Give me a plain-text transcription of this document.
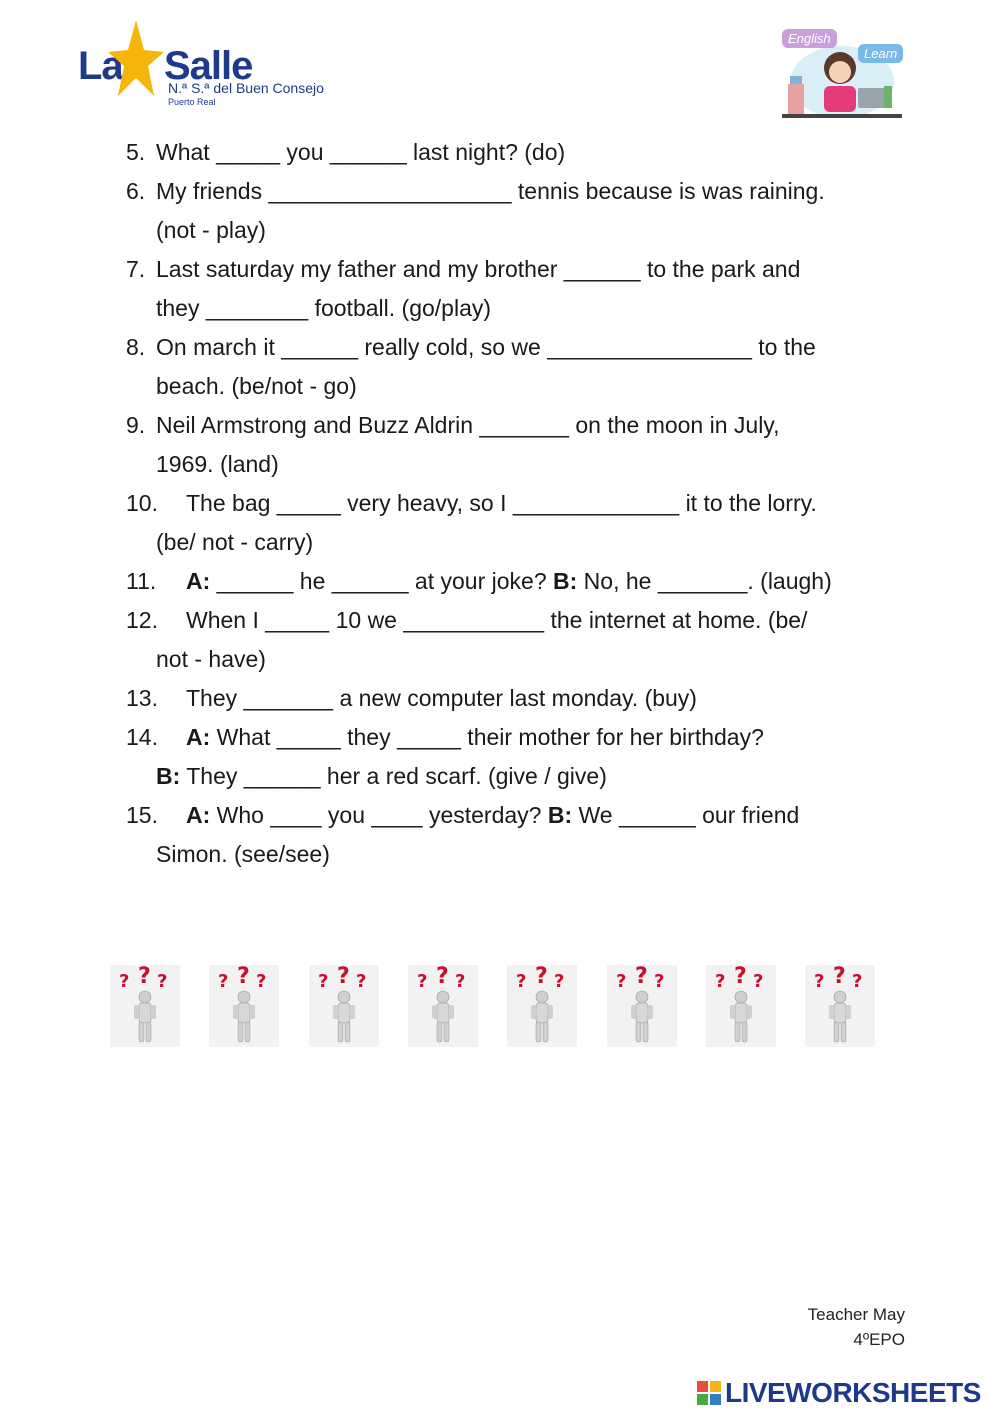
La Salle
N.ª S.ª del Buen Consejo
Puerto Real
English
Learn
5. What _____ you ______ last night? (do)
6. My friends ___________________ tennis because is was raining.
(not - play)
7. Last saturday my father and my brother ______ to the park and
they ________ football. (go/play)
8. On march it ______ really cold, so we ________________ to the
beach. (be/not - go)
9. Neil Armstrong and Buzz Aldrin _______ on the moon in July,
1969. (land)
10. The bag _____ very heavy, so I _____________ it to the lorry.
(be/ not - carry)
11. A: ______ he ______ at your joke? B: No, he _______. (laugh)
12. When I _____ 10 we ___________ the internet at home. (be/
not - have)
13. They _______ a new computer last monday. (buy)
14. A: What _____ they _____ their mother for her birthday?
B: They ______ her a red scarf. (give / give)
15. A: Who ____ you ____ yesterday? B: We ______ our friend
Simon. (see/see)
? ? ?	? ? ?	? ? ?	? ? ?	? ? ?	? ? ?	? ? ?	? ? ?
Teacher May
4ºEPO
LIVEWORKSHEETS
